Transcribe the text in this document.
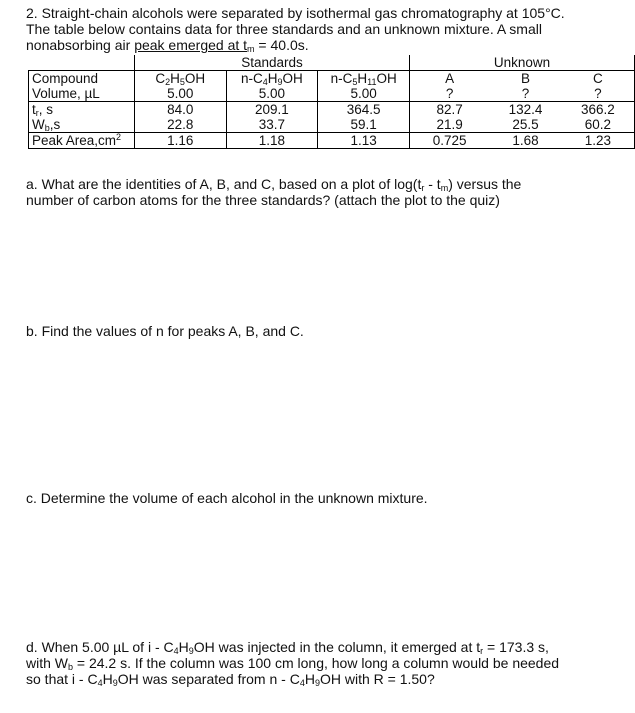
2. Straight-chain alcohols were separated by isothermal gas chromatography at 105°C.
The table below contains data for three standards and an unknown mixture. A small
nonabsorbing air peak emerged at $t_m = 40.0s$.
	Standards			Unknown		
Compound	$C_2H_5OH$	$n-C_4H_9OH$	$n-C_5H_{11}OH$	A	B	C
Volume, µL	5.00	5.00	5.00	?	?	?
$t_r$, s	84.0	209.1	364.5	82.7	132.4	366.2
$W_b,s$	22.8	33.7	59.1	21.9	25.5	60.2
Peak $Area,cm^2$	1.16	1.18	1.13	0.725	1.68	1.23
a. What are the identities of A, B, and C, based on a plot of $\log(t_r - t_m)$ versus the
number of carbon atoms for the three standards? (attach the plot to the quiz)
b. Find the values of n for peaks A, B, and C.
c. Determine the volume of each alcohol in the unknown mixture.
d. When 5.00 µL of i - $C_4H_9OH$ was injected in the column, it emerged at $t_r = 173.3$ s,
with $W_b = 24.2$ s. If the column was 100 cm long, how long a column would be needed
so that i - $C_4H_9OH$ was separated from n - $C_4H_9OH$ with R = 1.50?
